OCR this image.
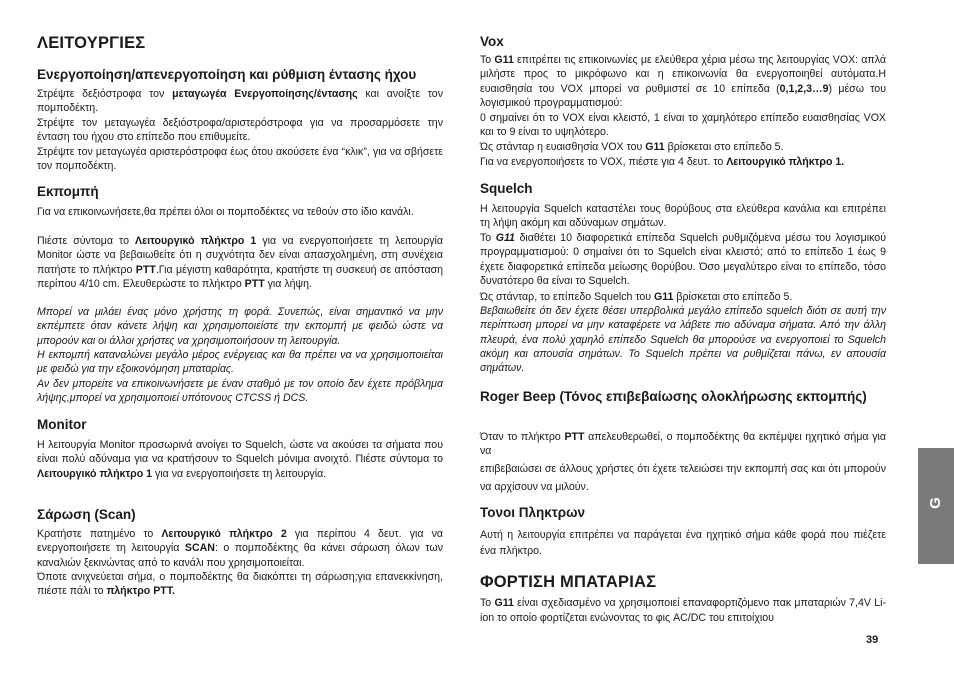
ΛΕΙΤΟΥΡΓΙΕΣ
Ενεργοποίηση/απενεργοποίηση και ρύθμιση έντασης ήχου

Στρέψτε δεξιόστροφα τον μεταγωγέα Ενεργοποίησης/έντασης και ανοίξτε τον πομποδέκτη.

Στρέψτε τον μεταγωγέα δεξιόστροφα/αριστερόστροφα για να προσαρμόσετε την ένταση του ήχου στο επίπεδο που επιθυμείτε.

Στρέψτε τον μεταγωγέα αριστερόστροφα έως ότου ακούσετε ένα “κλικ”, για να σβήσετε τον πομποδέκτη.

Εκπομπή

Για να επικοινωνήσετε,θα πρέπει όλοι οι πομποδέκτες να τεθούν στο ίδιο κανάλι.

Πιέστε σύντομα το Λειτουργικό πλήκτρο 1 για να ενεργοποιήσετε τη λειτουργία Monitor ώστε να βεβαιωθείτε ότι η συχνότητα δεν είναι απασχολημένη, στη συνέχεια πατήστε το πλήκτρο PTT.Για μέγιστη καθαρότητα, κρατήστε τη συσκευή σε απόσταση περίπου 4/10 cm. Ελευθερώστε το πλήκτρο PTT για λήψη.

Μπορεί να μιλάει ένας μόνο χρήστης τη φορά. Συνεπώς, είναι σημαντικό να μην εκπέμπετε όταν κάνετε λήψη και χρησιμοποιείστε την εκπομπή με φειδώ ώστε να μπορούν και οι άλλοι χρήστες να χρησιμοποιήσουν τη λειτουργία.

Η εκπομπή καταναλώνει μεγάλο μέρος ενέργειας και θα πρέπει να να χρησιμοποιείται με φειδώ για την εξοικονόμηση μπαταρίας.

Αν δεν μπορείτε να επικοινωνήσετε με έναν σταθμό με τον οποίο δεν έχετε πρόβλημα λήψης,μπορεί να χρησιμοποιεί υπότονους CTCSS ή DCS.

Monitor

Η λειτουργία Monitor προσωρινά ανοίγει το Squelch, ώστε να ακούσει τα σήματα που είναι πολύ αδύναμα για να κρατήσουν το Squelch μόνιμα ανοιχτό. Πιέστε σύντομα το Λειτουργικό πλήκτρο 1 για να ενεργοποιήσετε τη λειτουργία.

Σάρωση (Scan)

Κρατήστε πατημένο το Λειτουργικό πλήκτρο 2 για περίπου 4 δευτ. για να ενεργοποιήσετε τη λειτουργία SCAN: ο πομποδέκτης θα κάνει σάρωση όλων των καναλιών ξεκινώντας από το κανάλι που χρησιμοποιείται.

Όποτε ανιχνεύεται σήμα, ο πομποδέκτης θα διακόπτει τη σάρωση;για επανεκκίνηση, πιέστε πάλι το πλήκτρο PTT.

Vox

Το G11 επιτρέπει τις επικοινωνίες με ελεύθερα χέρια μέσω της λειτουργίας VOX: απλά μιλήστε προς το μικρόφωνο και η επικοινωνία θα ενεργοποιηθεί αυτόματα.Η ευαισθησία του VOX μπορεί να ρυθμιστεί σε 10 επίπεδα (0,1,2,3…9) μέσω του λογισμικού προγραμματισμού:

0 σημαίνει ότι το VOX είναι κλειστό, 1 είναι το χαμηλότερο επίπεδο ευαισθησίας VOX και το 9 είναι το υψηλότερο.

Ώς στάνταρ η ευαισθησία VOX του G11 βρίσκεται στο επίπεδο 5.

Για να ενεργοποιήσετε το VOX, πιέστε για 4 δευτ. το Λειτουργικό πλήκτρο 1.

Squelch

Η λειτουργία Squelch καταστέλει τους θορύβους στα ελεύθερα κανάλια και επιτρέπει τη λήψη ακόμη και αδύναμων σημάτων.

Το G11 διαθέτει 10 διαφορετικά επίπεδα Squelch ρυθμιζόμενα μέσω του λογισμικού προγραμματισμού: 0 σημαίνει ότι το Squelch είναι κλειστό; από το επίπεδο 1 έως 9 έχετε διαφορετικά επίπεδα μείωσης θορύβου. Όσο μεγαλύτερο είναι το επίπεδο, τόσο δυνατότερο θα είναι το Squelch.

Ώς στάνταρ, το επίπεδο Squelch του G11 βρίσκεται στο επίπεδο 5.

Βεβαιωθείτε ότι δεν έχετε θέσει υπερβολικά μεγάλο επίπεδο squelch διότι σε αυτή την περίπτωση μπορεί να μην καταφέρετε να λάβετε πιο αδύναμα σήματα. Από την άλλη πλευρά, ένα πολύ χαμηλό επίπεδο Squelch θα μπορούσε να ενεργοποιεί το Squelch ακόμη και απουσία σημάτων. Το Squelch πρέπει να ρυθμίζεται πάνω, εν απουσία σημάτων.

Roger Beep (Τόνος επιβεβαίωσης ολοκλήρωσης εκπομπής)

Όταν το πλήκτρο PTT απελευθερωθεί, ο πομποδέκτης θα εκπέμψει ηχητικό σήμα για να

επιβεβαιώσει σε άλλους χρήστες ότι έχετε τελειώσει την εκπομπή σας και ότι μπορούν να αρχίσουν να μιλούν.

Τονοι Πληκτρων

Αυτή η λειτουργία επιτρέπει να παράγεται ένα ηχητικό σήμα κάθε φορά που πιέζετε ένα πλήκτρο.

ΦΟΡΤΙΣΗ ΜΠΑΤΑΡΙΑΣ

Το G11 είναι σχεδιασμένο να χρησιμοποιεί επαναφορτιζόμενο πακ μπαταριών 7,4V Li-ion το οποίο φορτίζεται ενώνοντας το φις AC/DC του επιτοίχιου

G
39
